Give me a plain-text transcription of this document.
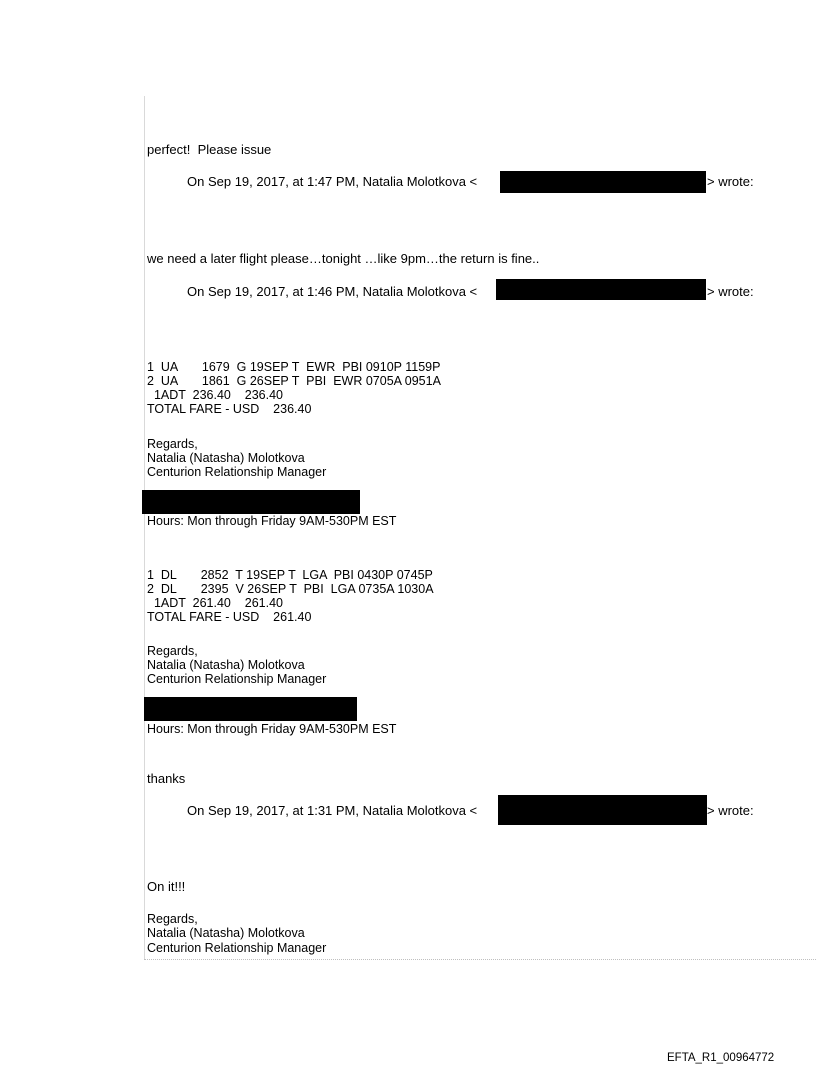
perfect!  Please issue
On Sep 19, 2017, at 1:47 PM, Natalia Molotkova <	> wrote:
we need a later flight please…tonight …like 9pm…the return is fine..
On Sep 19, 2017, at 1:46 PM, Natalia Molotkova <	> wrote:
1  UA       1679  G 19SEP T  EWR  PBI 0910P 1159P
2  UA       1861  G 26SEP T  PBI  EWR 0705A 0951A
1ADT  236.40    236.40
TOTAL FARE - USD    236.40
Regards,
Natalia (Natasha) Molotkova
Centurion Relationship Manager
Hours: Mon through Friday 9AM-530PM EST
1  DL       2852  T 19SEP T  LGA  PBI 0430P 0745P
2  DL       2395  V 26SEP T  PBI  LGA 0735A 1030A
1ADT  261.40    261.40
TOTAL FARE - USD    261.40
Regards,
Natalia (Natasha) Molotkova
Centurion Relationship Manager
Hours: Mon through Friday 9AM-530PM EST
thanks
On Sep 19, 2017, at 1:31 PM, Natalia Molotkova <	> wrote:
On it!!!
Regards,
Natalia (Natasha) Molotkova
Centurion Relationship Manager
EFTA_R1_00964772
